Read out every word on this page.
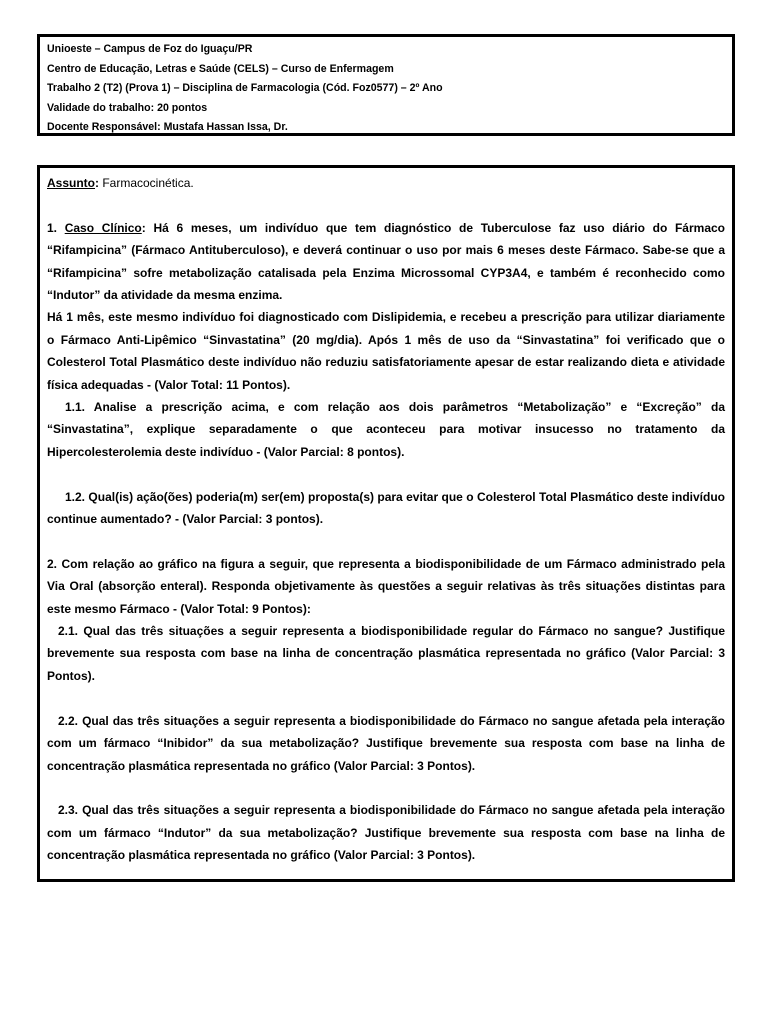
Unioeste – Campus de Foz do Iguaçu/PR

Centro de Educação, Letras e Saúde (CELS) – Curso de Enfermagem

Trabalho 2 (T2) (Prova 1) – Disciplina de Farmacologia (Cód. Foz0577) – 2º Ano

Validade do trabalho: 20 pontos

Docente Responsável: Mustafa Hassan Issa, Dr.

Assunto: Farmacocinética.

1. Caso Clínico: Há 6 meses, um indivíduo que tem diagnóstico de Tuberculose faz uso diário do Fármaco “Rifampicina” (Fármaco Antituberculoso), e deverá continuar o uso por mais 6 meses deste Fármaco. Sabe-se que a “Rifampicina” sofre metabolização catalisada pela Enzima Microssomal CYP3A4, e também é reconhecido como “Indutor” da atividade da mesma enzima.

Há 1 mês, este mesmo indivíduo foi diagnosticado com Dislipidemia, e recebeu a prescrição para utilizar diariamente o Fármaco Anti-Lipêmico “Sinvastatina” (20 mg/dia). Após 1 mês de uso da “Sinvastatina” foi verificado que o Colesterol Total Plasmático deste indivíduo não reduziu satisfatoriamente apesar de estar realizando dieta e atividade física adequadas - (Valor Total: 11 Pontos).

1.1. Analise a prescrição acima, e com relação aos dois parâmetros “Metabolização” e “Excreção” da “Sinvastatina”, explique separadamente o que aconteceu para motivar insucesso no tratamento da Hipercolesterolemia deste indivíduo - (Valor Parcial: 8 pontos).

1.2. Qual(is) ação(ões) poderia(m) ser(em) proposta(s) para evitar que o Colesterol Total Plasmático deste indivíduo continue aumentado? - (Valor Parcial: 3 pontos).

2. Com relação ao gráfico na figura a seguir, que representa a biodisponibilidade de um Fármaco administrado pela Via Oral (absorção enteral). Responda objetivamente às questões a seguir relativas às três situações distintas para este mesmo Fármaco - (Valor Total: 9 Pontos):

2.1. Qual das três situações a seguir representa a biodisponibilidade regular do Fármaco no sangue? Justifique brevemente sua resposta com base na linha de concentração plasmática representada no gráfico (Valor Parcial: 3 Pontos).

2.2. Qual das três situações a seguir representa a biodisponibilidade do Fármaco no sangue afetada pela interação com um fármaco “Inibidor” da sua metabolização? Justifique brevemente sua resposta com base na linha de concentração plasmática representada no gráfico (Valor Parcial: 3 Pontos).

2.3. Qual das três situações a seguir representa a biodisponibilidade do Fármaco no sangue afetada pela interação com um fármaco “Indutor” da sua metabolização? Justifique brevemente sua resposta com base na linha de concentração plasmática representada no gráfico (Valor Parcial: 3 Pontos).
